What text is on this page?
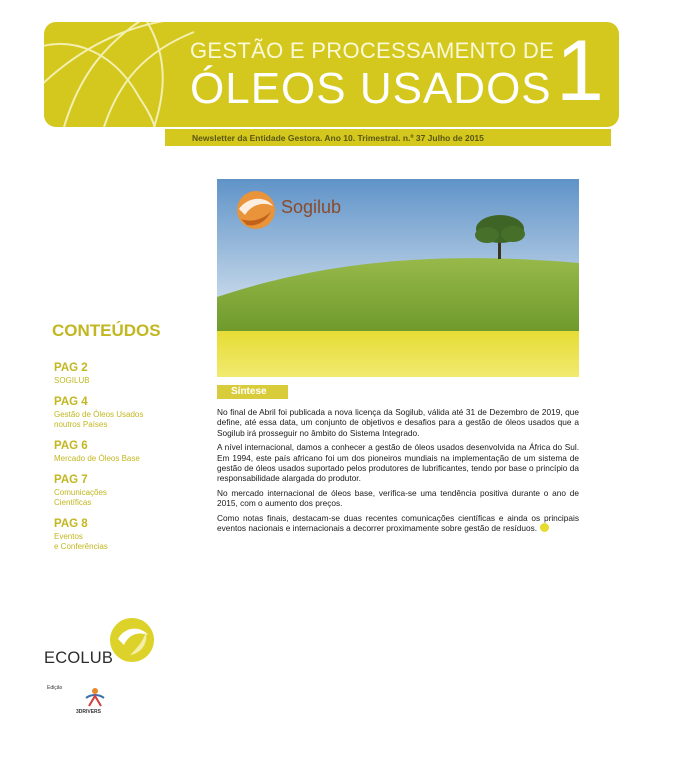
GESTÃO E PROCESSAMENTO DE
ÓLEOS USADOS 1
Newsletter da Entidade Gestora. Ano 10. Trimestral. n.º 37 Julho de 2015
Sogilub
CONTEÚDOS
PAG 2
SOGILUB
PAG 4
Gestão de Óleos Usados
noutros Países
PAG 6
Mercado de Óleos Base
PAG 7
Comunicações
Científicas
PAG 8
Eventos
e Conferências
Síntese

No final de Abril foi publicada a nova licença da Sogilub, válida até 31 de Dezembro de 2019, que define, até essa data, um conjunto de objetivos e desafios para a gestão de óleos usados que a Sogilub irá prosseguir no âmbito do Sistema Integrado.

A nível internacional, damos a conhecer a gestão de óleos usados desenvolvida na África do Sul. Em 1994, este país africano foi um dos pioneiros mundiais na implementação de um sistema de gestão de óleos usados suportado pelos produtores de lubrificantes, tendo por base o princípio da responsabilidade alargada do produtor.

No mercado internacional de óleos base, verifica-se uma tendência positiva durante o ano de 2015, com o aumento dos preços.

Como notas finais, destacam-se duas recentes comunicações científicas e ainda os principais eventos nacionais e internacionais a decorrer proximamente sobre gestão de resíduos.

ECOLUB
Edição
3DRIVERS
